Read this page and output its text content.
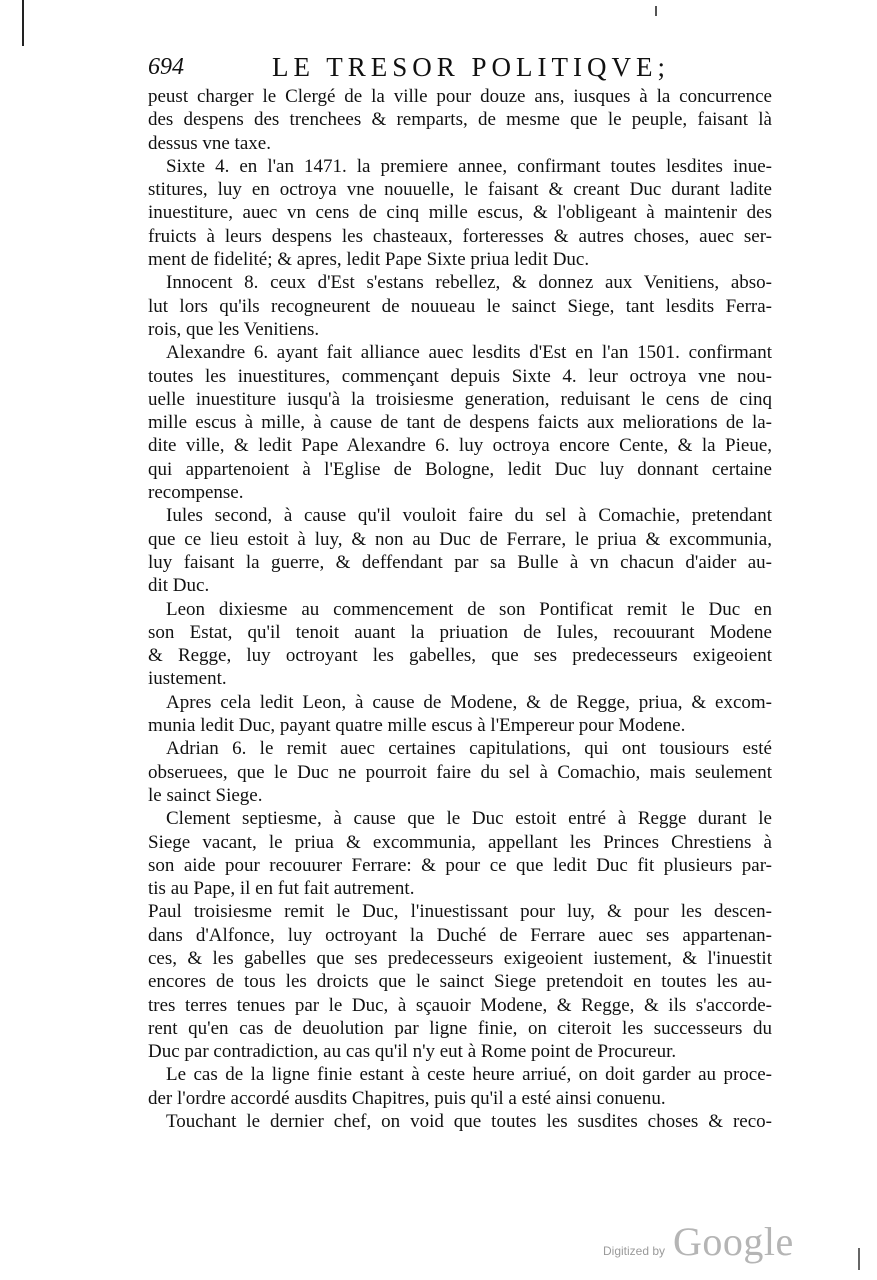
694	LE TRESOR POLITIQVE;
peust charger le Clergé de la ville pour douze ans, iusques à la concurrence
des despens des trenchees & remparts, de mesme que le peuple, faisant là
dessus vne taxe.
Sixte 4. en l'an 1471. la premiere annee, confirmant toutes lesdites inue-
stitures, luy en octroya vne nouuelle, le faisant & creant Duc durant ladite
inuestiture, auec vn cens de cinq mille escus, & l'obligeant à maintenir des
fruicts à leurs despens les chasteaux, forteresses & autres choses, auec ser-
ment de fidelité; & apres, ledit Pape Sixte priua ledit Duc.
Innocent 8. ceux d'Est s'estans rebellez, & donnez aux Venitiens, abso-
lut lors qu'ils recogneurent de nouueau le sainct Siege, tant lesdits Ferra-
rois, que les Venitiens.
Alexandre 6. ayant fait alliance auec lesdits d'Est en l'an 1501. confirmant
toutes les inuestitures, commençant depuis Sixte 4. leur octroya vne nou-
uelle inuestiture iusqu'à la troisiesme generation, reduisant le cens de cinq
mille escus à mille, à cause de tant de despens faicts aux meliorations de la-
dite ville, & ledit Pape Alexandre 6. luy octroya encore Cente, & la Pieue,
qui appartenoient à l'Eglise de Bologne, ledit Duc luy donnant certaine
recompense.
Iules second, à cause qu'il vouloit faire du sel à Comachie, pretendant
que ce lieu estoit à luy, & non au Duc de Ferrare, le priua & excommunia,
luy faisant la guerre, & deffendant par sa Bulle à vn chacun d'aider au-
dit Duc.
Leon dixiesme au commencement de son Pontificat remit le Duc en
son Estat, qu'il tenoit auant la priuation de Iules, recouurant Modene
& Regge, luy octroyant les gabelles, que ses predecesseurs exigeoient
iustement.
Apres cela ledit Leon, à cause de Modene, & de Regge, priua, & excom-
munia ledit Duc, payant quatre mille escus à l'Empereur pour Modene.
Adrian 6. le remit auec certaines capitulations, qui ont tousiours esté
obseruees, que le Duc ne pourroit faire du sel à Comachio, mais seulement
le sainct Siege.
Clement septiesme, à cause que le Duc estoit entré à Regge durant le
Siege vacant, le priua & excommunia, appellant les Princes Chrestiens à
son aide pour recouurer Ferrare: & pour ce que ledit Duc fit plusieurs par-
tis au Pape, il en fut fait autrement.
Paul troisiesme remit le Duc, l'inuestissant pour luy, & pour les descen-
dans d'Alfonce, luy octroyant la Duché de Ferrare auec ses appartenan-
ces, & les gabelles que ses predecesseurs exigeoient iustement, & l'inuestit
encores de tous les droicts que le sainct Siege pretendoit en toutes les au-
tres terres tenues par le Duc, à sçauoir Modene, & Regge, & ils s'accorde-
rent qu'en cas de deuolution par ligne finie, on citeroit les successeurs du
Duc par contradiction, au cas qu'il n'y eut à Rome point de Procureur.
Le cas de la ligne finie estant à ceste heure arriué, on doit garder au proce-
der l'ordre accordé ausdits Chapitres, puis qu'il a esté ainsi conuenu.
Touchant le dernier chef, on void que toutes les susdites choses & reco-
Digitized by Google
